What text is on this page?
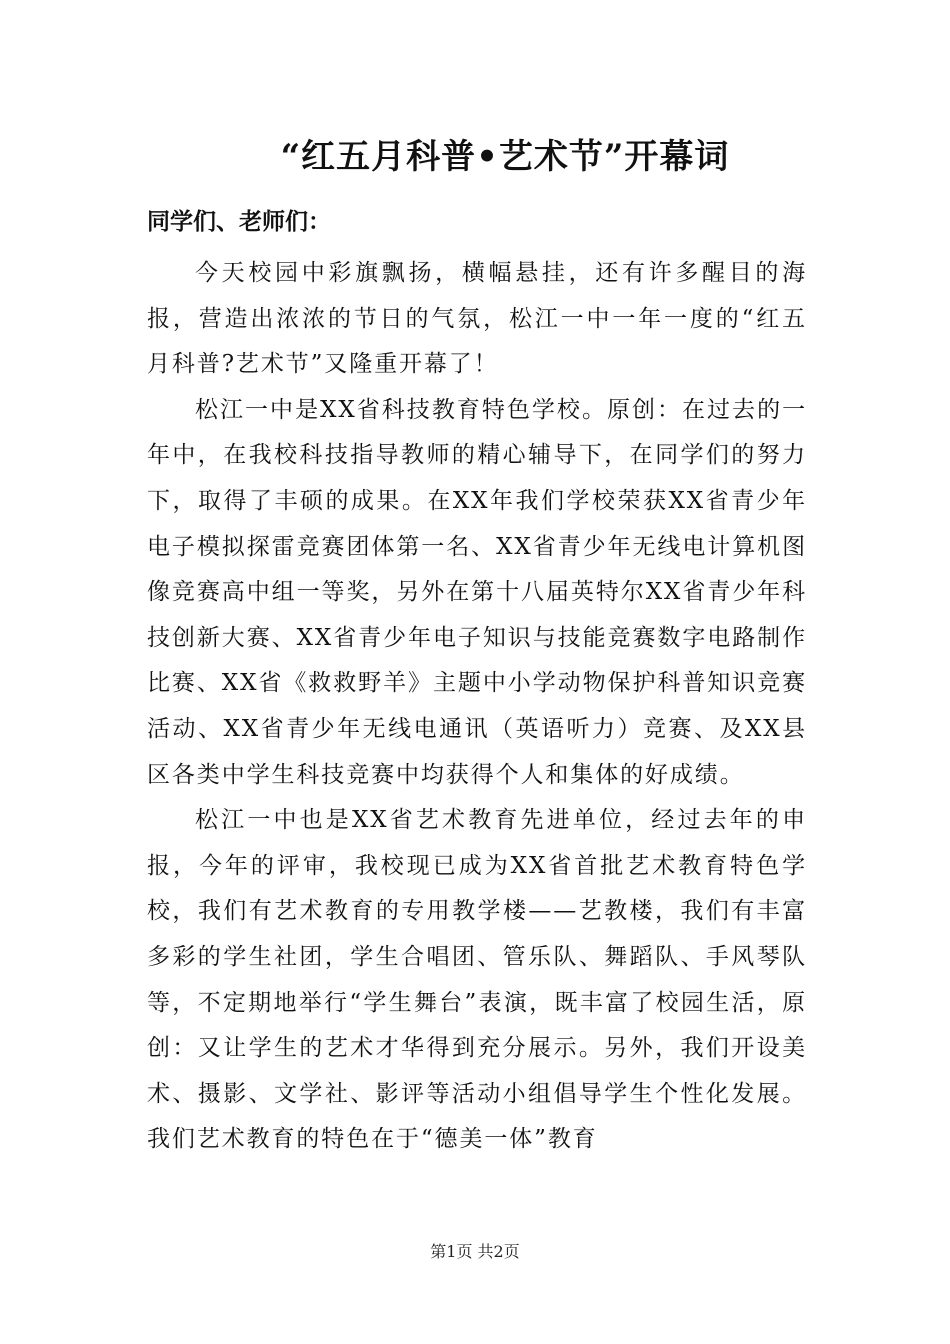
“红五月科普•艺术节”开幕词

同学们、老师们：

今天校园中彩旗飘扬，横幅悬挂，还有许多醒目的海报，营造出浓浓的节日的气氛，松江一中一年一度的“红五月科普?艺术节”又隆重开幕了！

松江一中是XX省科技教育特色学校。原创：在过去的一年中，在我校科技指导教师的精心辅导下，在同学们的努力下，取得了丰硕的成果。在XX年我们学校荣获XX省青少年电子模拟探雷竞赛团体第一名、XX省青少年无线电计算机图像竞赛高中组一等奖，另外在第十八届英特尔XX省青少年科技创新大赛、XX省青少年电子知识与技能竞赛数字电路制作比赛、XX省《救救野羊》主题中小学动物保护科普知识竞赛活动、XX省青少年无线电通讯（英语听力）竞赛、及XX县区各类中学生科技竞赛中均获得个人和集体的好成绩。

松江一中也是XX省艺术教育先进单位，经过去年的申报，今年的评审，我校现已成为XX省首批艺术教育特色学校，我们有艺术教育的专用教学楼——艺教楼，我们有丰富多彩的学生社团，学生合唱团、管乐队、舞蹈队、手风琴队等，不定期地举行“学生舞台”表演，既丰富了校园生活，原创：又让学生的艺术才华得到充分展示。另外，我们开设美术、摄影、文学社、影评等活动小组倡导学生个性化发展。我们艺术教育的特色在于“德美一体”教育

第1页 共2页
